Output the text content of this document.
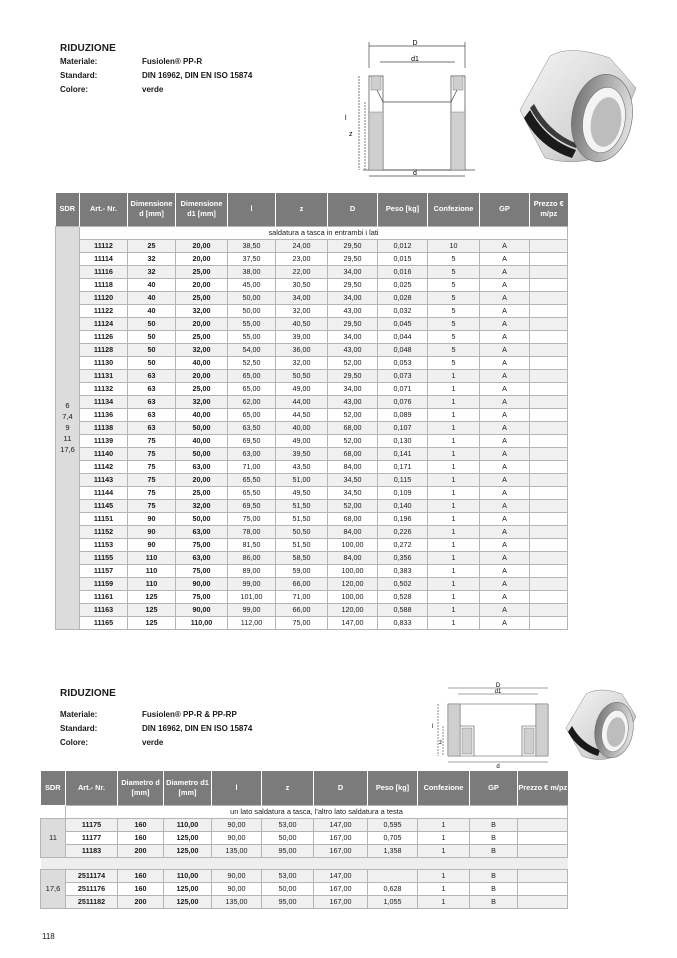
RIDUZIONE
Materiale:	Fusiolen® PP-R
Standard:	DIN 16962, DIN EN ISO 15874
Colore:	verde
D
d1
l
z
d
SDR	Art.- Nr.	Dimensione d [mm]	Dimensione d1 [mm]	l	z	D	Peso [kg]	Confezione	GP	Prezzo € m/pz
6
7,4
9
11
17,6	saldatura a tasca in entrambi i lati									
	11112	25	20,00	38,50	24,00	29,50	0,012	10	A	
	11114	32	20,00	37,50	23,00	29,50	0,015	5	A	
	11116	32	25,00	38,00	22,00	34,00	0,016	5	A	
	11118	40	20,00	45,00	30,50	29,50	0,025	5	A	
	11120	40	25,00	50,00	34,00	34,00	0,028	5	A	
	11122	40	32,00	50,00	32,00	43,00	0,032	5	A	
	11124	50	20,00	55,00	40,50	29,50	0,045	5	A	
	11126	50	25,00	55,00	39,00	34,00	0,044	5	A	
	11128	50	32,00	54,00	36,00	43,00	0,048	5	A	
	11130	50	40,00	52,50	32,00	52,00	0,053	5	A	
	11131	63	20,00	65,00	50,50	29,50	0,073	1	A	
	11132	63	25,00	65,00	49,00	34,00	0,071	1	A	
	11134	63	32,00	62,00	44,00	43,00	0,076	1	A	
	11136	63	40,00	65,00	44,50	52,00	0,089	1	A	
	11138	63	50,00	63,50	40,00	68,00	0,107	1	A	
	11139	75	40,00	69,50	49,00	52,00	0,130	1	A	
	11140	75	50,00	63,00	39,50	68,00	0,141	1	A	
	11142	75	63,00	71,00	43,50	84,00	0,171	1	A	
	11143	75	20,00	65,50	51,00	34,50	0,115	1	A	
	11144	75	25,00	65,50	49,50	34,50	0,109	1	A	
	11145	75	32,00	69,50	51,50	52,00	0,140	1	A	
	11151	90	50,00	75,00	51,50	68,00	0,196	1	A	
	11152	90	63,00	78,00	50,50	84,00	0,226	1	A	
	11153	90	75,00	81,50	51,50	100,00	0,272	1	A	
	11155	110	63,00	86,00	58,50	84,00	0,356	1	A	
	11157	110	75,00	89,00	59,00	100,00	0,383	1	A	
	11159	110	90,00	99,00	66,00	120,00	0,502	1	A	
	11161	125	75,00	101,00	71,00	100,00	0,528	1	A	
	11163	125	90,00	99,00	66,00	120,00	0,588	1	A	
	11165	125	110,00	112,00	75,00	147,00	0,833	1	A	
RIDUZIONE
Materiale:	Fusiolen® PP-R & PP-RP
Standard:	DIN 16962, DIN EN ISO 15874
Colore:	verde
D
d1
l
z
d
SDR	Art.- Nr.	Diametro d [mm]	Diametro d1 [mm]	l	z	D	Peso [kg]	Confezione	GP	Prezzo € m/pz
	un lato saldatura a tasca, l'altro lato saldatura a testa									
11	11175	160	110,00	90,00	53,00	147,00	0,595	1	B	
	11177	160	125,00	90,00	50,00	167,00	0,705	1	B	
	11183	200	125,00	135,00	95,00	167,00	1,358	1	B	

17,6	2511174	160	110,00	90,00	53,00	147,00		1	B	
	2511176	160	125,00	90,00	50,00	167,00	0,628	1	B	
	2511182	200	125,00	135,00	95,00	167,00	1,055	1	B	
118
